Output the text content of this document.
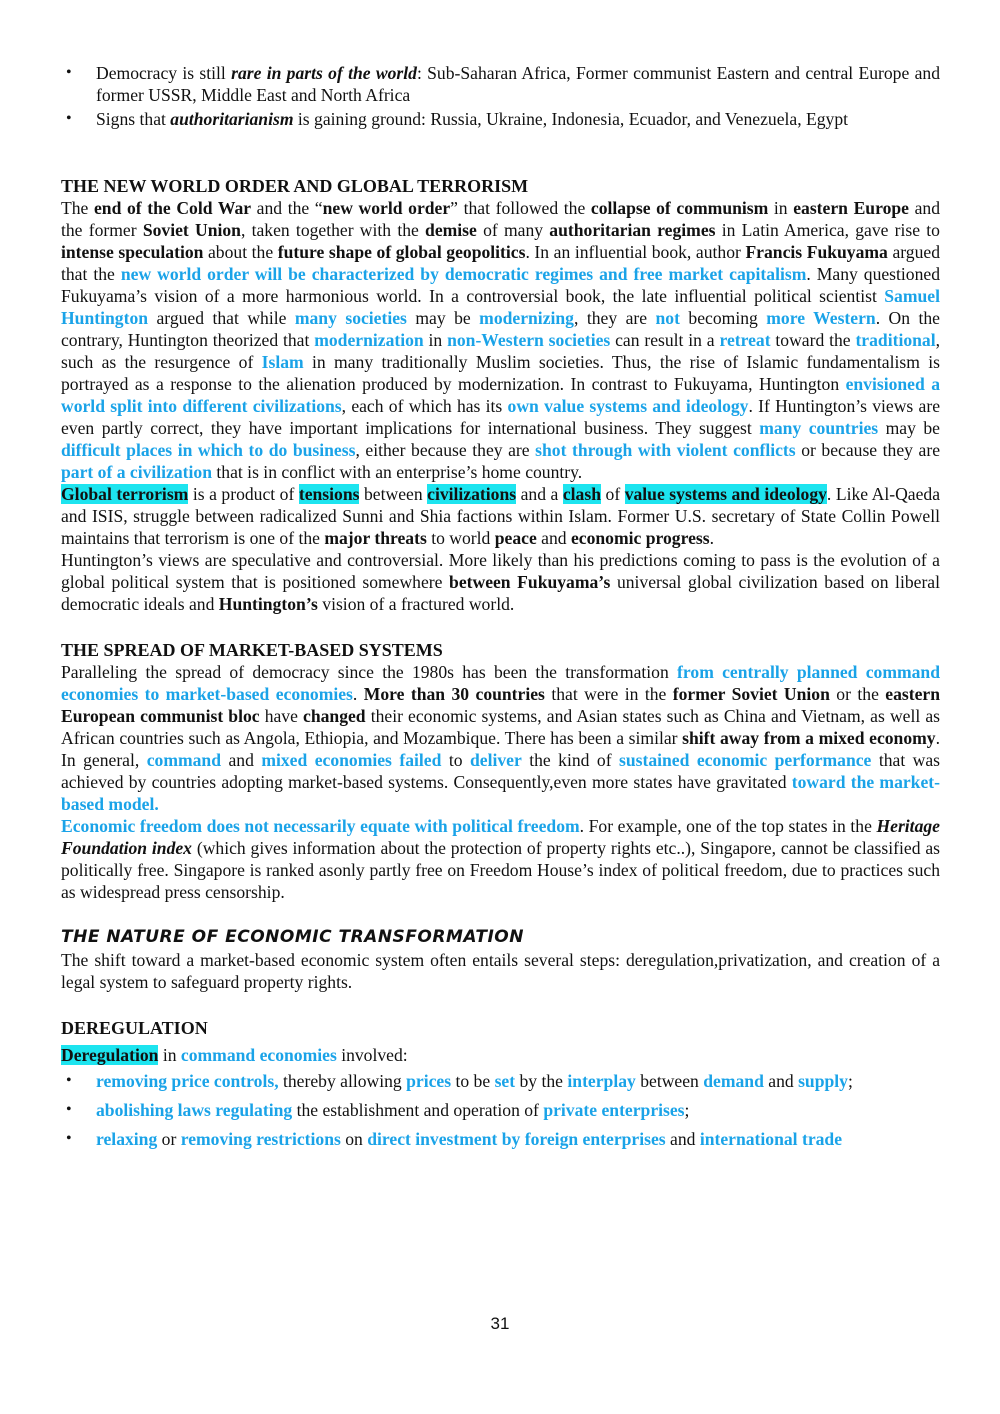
• Democracy is still rare in parts of the world: Sub-Saharan Africa, Former communist Eastern and central Europe and former USSR, Middle East and North Africa
• Signs that authoritarianism is gaining ground: Russia, Ukraine, Indonesia, Ecuador, and Venezuela, Egypt
THE NEW WORLD ORDER AND GLOBAL TERRORISM

The end of the Cold War and the “new world order” that followed the collapse of communism in eastern Europe and the former Soviet Union, taken together with the demise of many authoritarian regimes in Latin America, gave rise to intense speculation about the future shape of global geopolitics. In an influential book, author Francis Fukuyama argued that the new world order will be characterized by democratic regimes and free market capitalism. Many questioned Fukuyama’s vision of a more harmonious world. In a controversial book, the late influential political scientist Samuel Huntington argued that while many societies may be modernizing, they are not becoming more Western. On the contrary, Huntington theorized that modernization in non-Western societies can result in a retreat toward the traditional, such as the resurgence of Islam in many traditionally Muslim societies. Thus, the rise of Islamic fundamentalism is portrayed as a response to the alienation produced by modernization. In contrast to Fukuyama, Huntington envisioned a world split into different civilizations, each of which has its own value systems and ideology. If Huntington’s views are even partly correct, they have important implications for international business. They suggest many countries may be difficult places in which to do business, either because they are shot through with violent conflicts or because they are part of a civilization that is in conflict with an enterprise’s home country.

Global terrorism is a product of tensions between civilizations and a clash of value systems and ideology. Like Al-Qaeda and ISIS, struggle between radicalized Sunni and Shia factions within Islam. Former U.S. secretary of State Collin Powell maintains that terrorism is one of the major threats to world peace and economic progress.

Huntington’s views are speculative and controversial. More likely than his predictions coming to pass is the evolution of a global political system that is positioned somewhere between Fukuyama’s universal global civilization based on liberal democratic ideals and Huntington’s vision of a fractured world.

THE SPREAD OF MARKET-BASED SYSTEMS

Paralleling the spread of democracy since the 1980s has been the transformation from centrally planned command economies to market-based economies. More than 30 countries that were in the former Soviet Union or the eastern European communist bloc have changed their economic systems, and Asian states such as China and Vietnam, as well as African countries such as Angola, Ethiopia, and Mozambique. There has been a similar shift away from a mixed economy. In general, command and mixed economies failed to deliver the kind of sustained economic performance that was achieved by countries adopting market-based systems. Consequently,even more states have gravitated toward the market-based model.

Economic freedom does not necessarily equate with political freedom. For example, one of the top states in the Heritage Foundation index (which gives information about the protection of property rights etc..), Singapore, cannot be classified as politically free. Singapore is ranked asonly partly free on Freedom House’s index of political freedom, due to practices such as widespread press censorship.

THE NATURE OF ECONOMIC TRANSFORMATION

The shift toward a market-based economic system often entails several steps: deregulation,privatization, and creation of a legal system to safeguard property rights.

DEREGULATION

Deregulation in command economies involved:

• removing price controls, thereby allowing prices to be set by the interplay between demand and supply;
• abolishing laws regulating the establishment and operation of private enterprises;
• relaxing or removing restrictions on direct investment by foreign enterprises and international trade
31
